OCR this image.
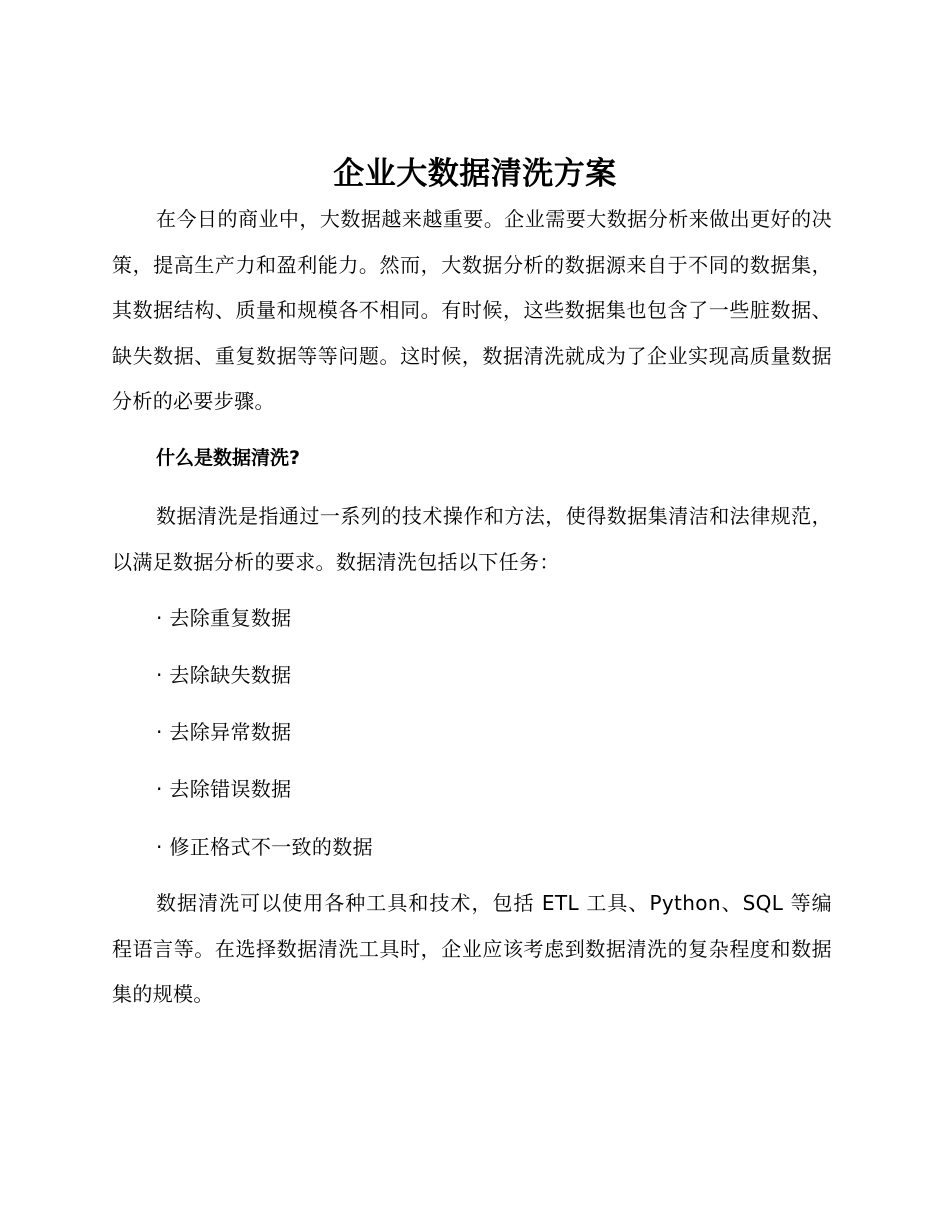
企业大数据清洗方案

在今日的商业中，大数据越来越重要。企业需要大数据分析来做出更好的决策，提高生产力和盈利能力。然而，大数据分析的数据源来自于不同的数据集，其数据结构、质量和规模各不相同。有时候，这些数据集也包含了一些脏数据、缺失数据、重复数据等等问题。这时候，数据清洗就成为了企业实现高质量数据分析的必要步骤。

什么是数据清洗?

数据清洗是指通过一系列的技术操作和方法，使得数据集清洁和法律规范，以满足数据分析的要求。数据清洗包括以下任务：

· 去除重复数据
· 去除缺失数据
· 去除异常数据
· 去除错误数据
· 修正格式不一致的数据

数据清洗可以使用各种工具和技术，包括 ETL 工具、Python、SQL 等编程语言等。在选择数据清洗工具时，企业应该考虑到数据清洗的复杂程度和数据集的规模。
